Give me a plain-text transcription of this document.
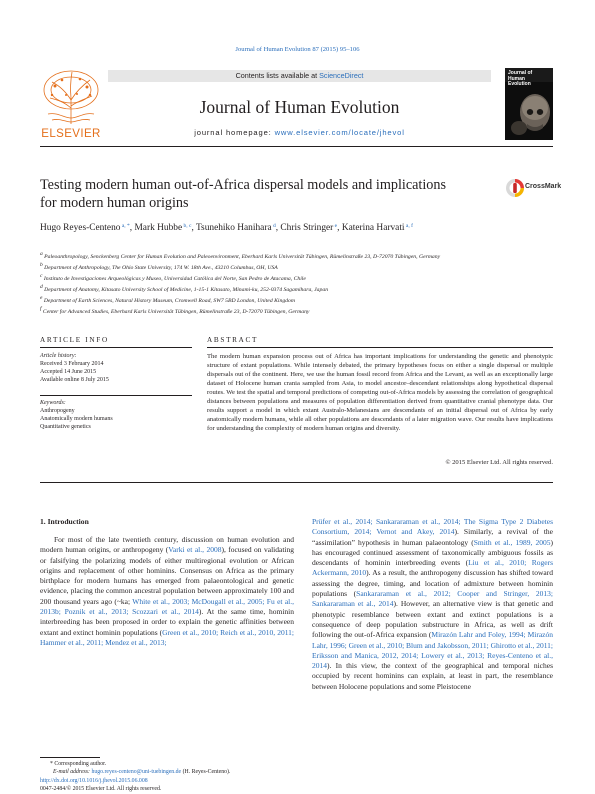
Journal of Human Evolution 87 (2015) 95–106
ELSEVIER
Contents lists available at ScienceDirect
Journal of Human Evolution
journal homepage: www.elsevier.com/locate/jhevol
Journal of Human Evolution
Testing modern human out-of-Africa dispersal models and implications for modern human origins
CrossMark
Hugo Reyes-Centeno $^{a, *}$, Mark Hubbe $^{b, c}$, Tsunehiko Hanihara $^d$, Chris Stringer $^e$, Katerina Harvati $^{a, f}$
$^a$ Paleoanthropology, Senckenberg Center for Human Evolution and Paleoenvironment, Eberhard Karls Universität Tübingen, Rümelinstraße 23, D-72070 Tübingen, Germany
$^b$ Department of Anthropology, The Ohio State University, 174 W. 18th Ave., 43210 Columbus, OH, USA
$^c$ Instituto de Investigaciones Arqueológicas y Museo, Universidad Católica del Norte, San Pedro de Atacama, Chile
$^d$ Department of Anatomy, Kitasato University School of Medicine, 1-15-1 Kitasato, Minami-ku, 252-0374 Sagamihara, Japan
$^e$ Department of Earth Sciences, Natural History Museum, Cromwell Road, SW7 5BD London, United Kingdom
$^f$ Center for Advanced Studies, Eberhard Karls Universität Tübingen, Rümelinstraße 23, D-72070 Tübingen, Germany
ARTICLE INFO	ABSTRACT
Article history:
Received 3 February 2014
Accepted 14 June 2015
Available online 8 July 2015
Keywords:
Anthropogeny
Anatomically modern humans
Quantitative genetics
The modern human expansion process out of Africa has important implications for understanding the genetic and phenotypic structure of extant populations. While intensely debated, the primary hypotheses focus on either a single dispersal or multiple dispersals out of the continent. Here, we use the human fossil record from Africa and the Levant, as well as an exceptionally large dataset of Holocene human crania sampled from Asia, to model ancestor–descendant relationships along hypothetical dispersal routes. We test the spatial and temporal predictions of competing out-of-Africa models by assessing the correlation of geographical distances between populations and measures of population differentiation derived from quantitative cranial phenotype data. Our results support a model in which extant Australo-Melanesians are descendants of an initial dispersal out of Africa by early anatomically modern humans, while all other populations are descendants of a later migration wave. Our results have implications for understanding the complexity of modern human origins and diversity.
© 2015 Elsevier Ltd. All rights reserved.
1. Introduction
For most of the late twentieth century, discussion on human evolution and modern human origins, or anthropogeny (Varki et al., 2008), focused on validating or falsifying the polarizing models of either multiregional evolution or African origins and replacement of other hominins. Consensus on Africa as the primary birthplace for modern humans has emerged from palaeontological and genetic evidence, placing the common ancestral population between approximately 100 and 200 thousand years ago (~ka; White et al., 2003; McDougall et al., 2005; Fu et al., 2013b; Poznik et al., 2013; Scozzari et al., 2014). At the same time, hominin interbreeding has been proposed in order to explain the genetic affinities between extant and extinct hominin populations (Green et al., 2010; Reich et al., 2010, 2011; Hammer et al., 2011; Mendez et al., 2013;
Prüfer et al., 2014; Sankararaman et al., 2014; The Sigma Type 2 Diabetes Consortium, 2014; Vernot and Akey, 2014). Similarly, a revival of the “assimilation” hypothesis in human palaeontology (Smith et al., 1989, 2005) has encouraged continued assessment of taxonomically ambiguous fossils as descendants of hominin interbreeding events (Liu et al., 2010; Rogers Ackermann, 2010). As a result, the anthropogeny discussion has shifted toward assessing the degree, timing, and location of admixture between hominin populations (Sankararaman et al., 2012; Cooper and Stringer, 2013; Sankararaman et al., 2014). However, an alternative view is that genetic and phenotypic resemblance between extant and extinct populations is a consequence of deep population substructure in Africa, as well as drift following the out-of-Africa expansion (Mirazón Lahr and Foley, 1994; Mirazón Lahr, 1996; Green et al., 2010; Blum and Jakobsson, 2011; Ghirotto et al., 2011; Eriksson and Manica, 2012, 2014; Lowery et al., 2013; Reyes-Centeno et al., 2014). In this view, the context of the geographical and temporal niches occupied by recent hominins can explain, at least in part, the resemblance between Holocene populations and some Pleistocene
* Corresponding author.
E-mail address: hugo.reyes-centeno@uni-tuebingen.de (H. Reyes-Centeno).
http://dx.doi.org/10.1016/j.jhevol.2015.06.008
0047-2484/© 2015 Elsevier Ltd. All rights reserved.
